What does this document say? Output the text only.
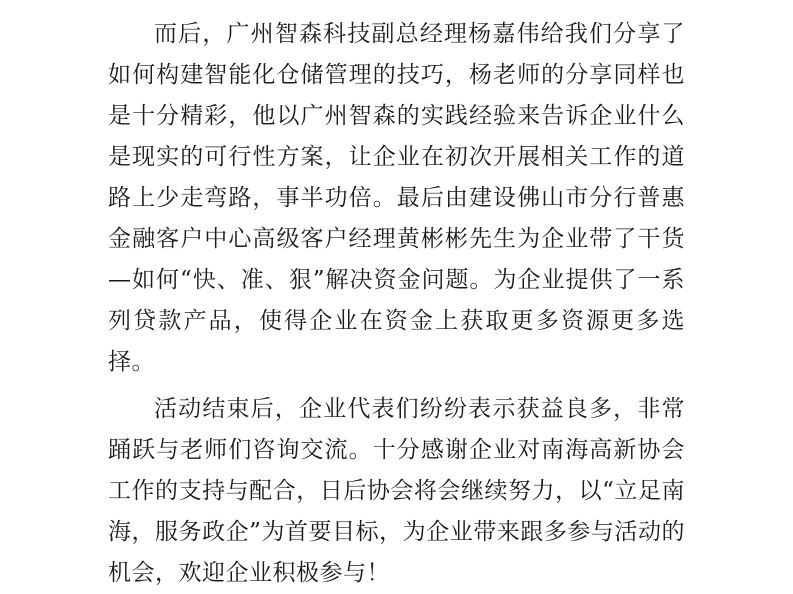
而后，广州智森科技副总经理杨嘉伟给我们分享了如何构建智能化仓储管理的技巧，杨老师的分享同样也是十分精彩，他以广州智森的实践经验来告诉企业什么是现实的可行性方案，让企业在初次开展相关工作的道路上少走弯路，事半功倍。最后由建设佛山市分行普惠金融客户中心高级客户经理黄彬彬先生为企业带了干货—如何“快、准、狠”解决资金问题。为企业提供了一系列贷款产品，使得企业在资金上获取更多资源更多选择。

活动结束后，企业代表们纷纷表示获益良多，非常踊跃与老师们咨询交流。十分感谢企业对南海高新协会工作的支持与配合，日后协会将会继续努力，以“立足南海，服务政企”为首要目标，为企业带来跟多参与活动的机会，欢迎企业积极参与！
